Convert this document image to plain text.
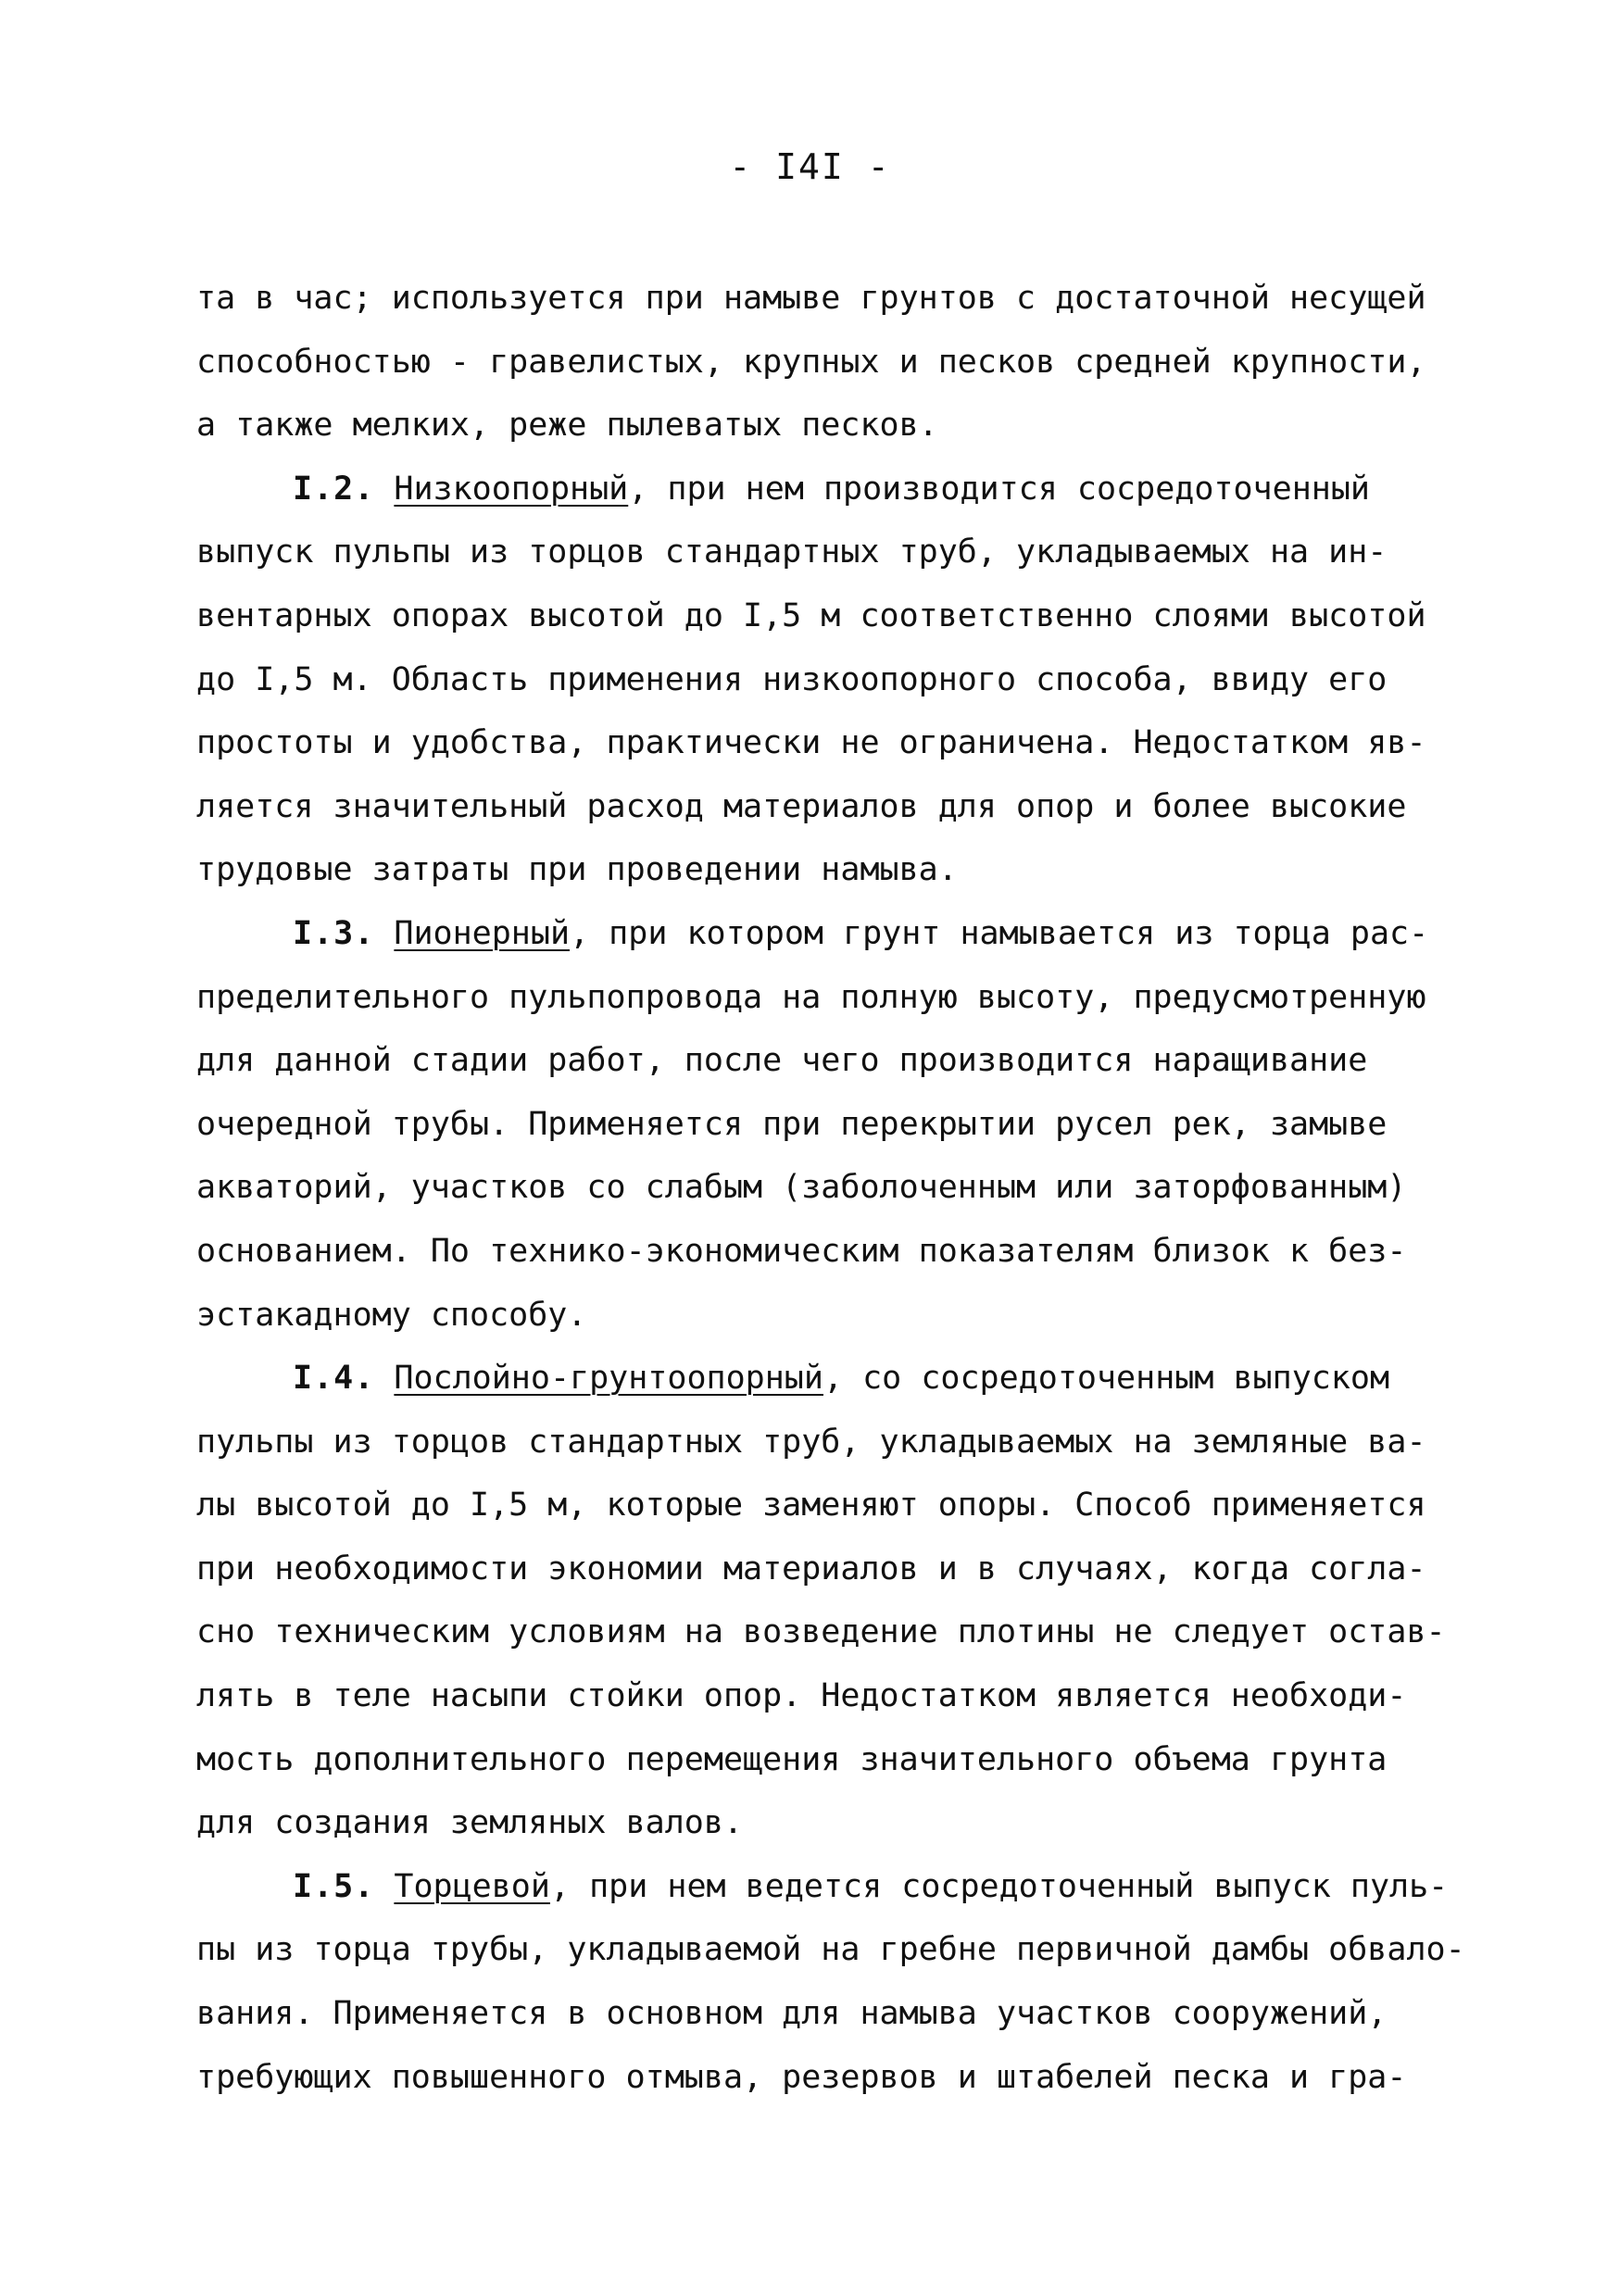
- I4I -
та в час; используется при намыве грунтов с достаточной несущей
способностью - гравелистых, крупных и песков средней крупности,
а также мелких, реже пылеватых песков.
I.2. Низкоопорный, при нем производится сосредоточенный
выпуск пульпы из торцов стандартных труб, укладываемых на ин-
вентарных опорах высотой до I,5 м соответственно слоями высотой
до I,5 м. Область применения низкоопорного способа, ввиду его
простоты и удобства, практически не ограничена. Недостатком яв-
ляется значительный расход материалов для опор и более высокие
трудовые затраты при проведении намыва.
I.3. Пионерный, при котором грунт намывается из торца рас-
пределительного пульпопровода на полную высоту, предусмотренную
для данной стадии работ, после чего производится наращивание
очередной трубы. Применяется при перекрытии русел рек, замыве
акваторий, участков со слабым (заболоченным или заторфованным)
основанием. По технико-экономическим показателям близок к без-
эстакадному способу.
I.4. Послойно-грунтоопорный, со сосредоточенным выпуском
пульпы из торцов стандартных труб, укладываемых на земляные ва-
лы высотой до I,5 м, которые заменяют опоры. Способ применяется
при необходимости экономии материалов и в случаях, когда согла-
сно техническим условиям на возведение плотины не следует остав-
лять в теле насыпи стойки опор. Недостатком является необходи-
мость дополнительного перемещения значительного объема грунта
для создания земляных валов.
I.5. Торцевой, при нем ведется сосредоточенный выпуск пуль-
пы из торца трубы, укладываемой на гребне первичной дамбы обвало-
вания. Применяется в основном для намыва участков сооружений,
требующих повышенного отмыва, резервов и штабелей песка и гра-
